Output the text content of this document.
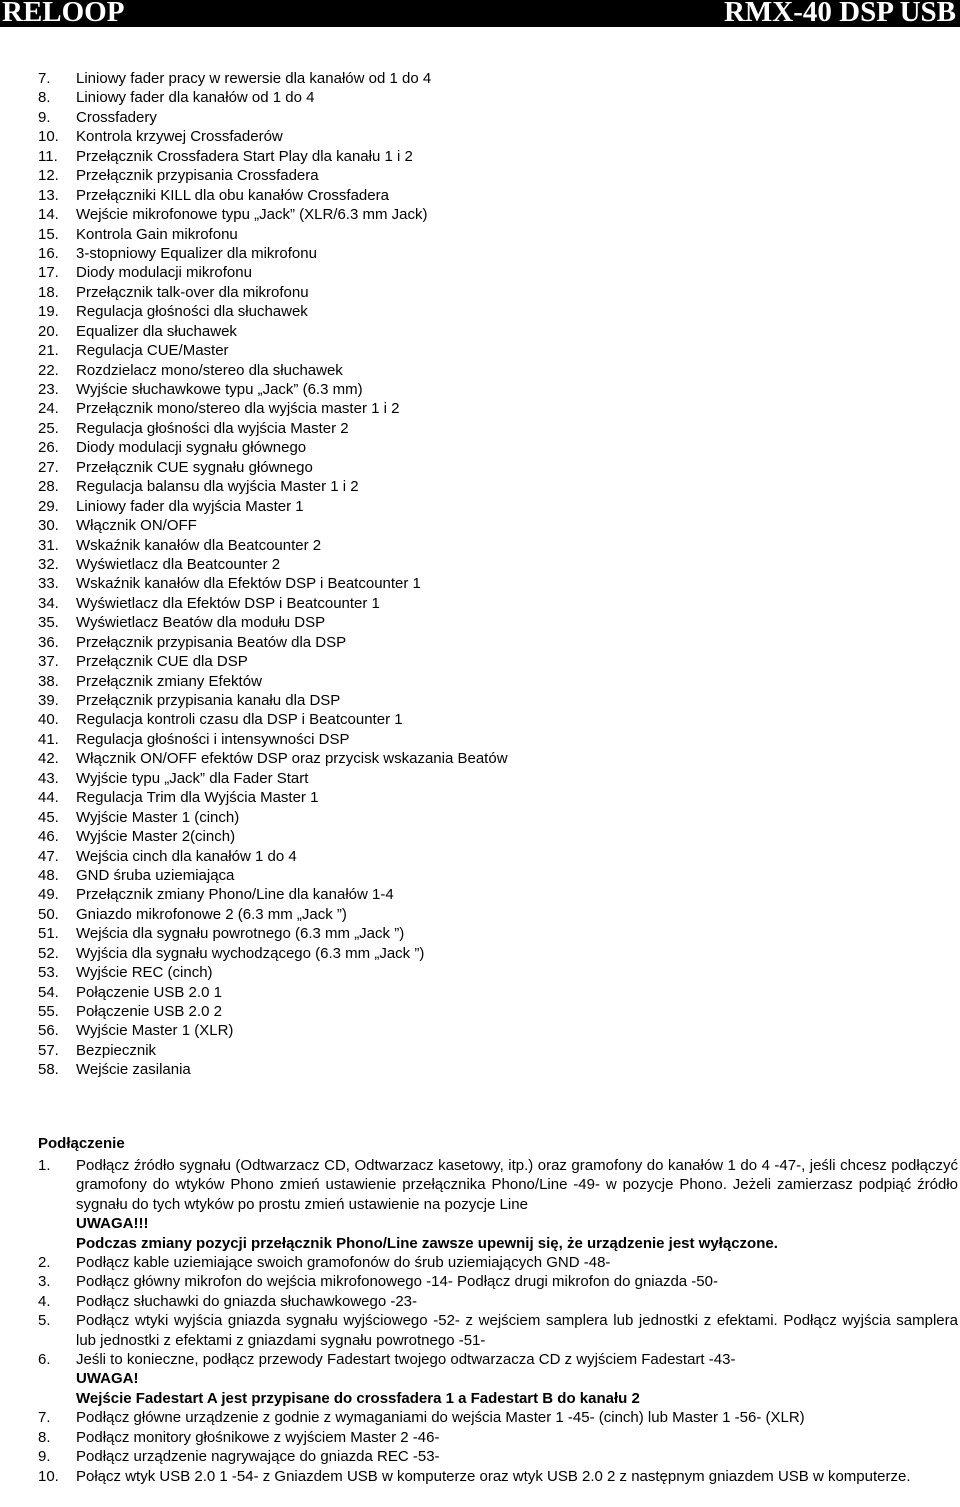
RELOOP	RMX-40 DSP USB
7. Liniowy fader pracy w rewersie dla kanałów od 1 do 4
8. Liniowy fader dla kanałów od 1 do 4
9. Crossfadery
10. Kontrola krzywej Crossfaderów
11. Przełącznik Crossfadera Start Play dla kanału 1 i 2
12. Przełącznik przypisania Crossfadera
13. Przełączniki KILL dla obu kanałów Crossfadera
14. Wejście mikrofonowe typu „Jack” (XLR/6.3 mm Jack)
15. Kontrola Gain mikrofonu
16. 3-stopniowy Equalizer dla mikrofonu
17. Diody modulacji mikrofonu
18. Przełącznik talk-over dla mikrofonu
19. Regulacja głośności dla słuchawek
20. Equalizer dla słuchawek
21. Regulacja CUE/Master
22. Rozdzielacz mono/stereo dla słuchawek
23. Wyjście słuchawkowe typu „Jack” (6.3 mm)
24. Przełącznik mono/stereo dla wyjścia master 1 i 2
25. Regulacja głośności dla wyjścia Master 2
26. Diody modulacji sygnału głównego
27. Przełącznik CUE sygnału głównego
28. Regulacja balansu dla wyjścia Master 1 i 2
29. Liniowy fader dla wyjścia Master 1
30. Włącznik ON/OFF
31. Wskaźnik kanałów dla Beatcounter 2
32. Wyświetlacz dla Beatcounter 2
33. Wskaźnik kanałów dla Efektów DSP i Beatcounter 1
34. Wyświetlacz dla Efektów DSP i Beatcounter 1
35. Wyświetlacz Beatów dla modułu DSP
36. Przełącznik przypisania Beatów dla DSP
37. Przełącznik CUE dla DSP
38. Przełącznik zmiany Efektów
39. Przełącznik przypisania kanału dla DSP
40. Regulacja kontroli czasu dla DSP i Beatcounter 1
41. Regulacja głośności i intensywności DSP
42. Włącznik ON/OFF efektów DSP oraz przycisk wskazania Beatów
43. Wyjście typu „Jack” dla Fader Start
44. Regulacja Trim dla Wyjścia Master 1
45. Wyjście Master 1 (cinch)
46. Wyjście Master 2(cinch)
47. Wejścia cinch dla kanałów 1 do 4
48. GND śruba uziemiająca
49. Przełącznik zmiany Phono/Line dla kanałów 1-4
50. Gniazdo mikrofonowe 2 (6.3 mm „Jack ”)
51. Wejścia dla sygnału powrotnego (6.3 mm „Jack ”)
52. Wyjścia dla sygnału wychodzącego (6.3 mm „Jack ”)
53. Wyjście REC (cinch)
54. Połączenie USB 2.0 1
55. Połączenie USB 2.0 2
56. Wyjście Master 1 (XLR)
57. Bezpiecznik
58. Wejście zasilania
Podłączenie
1. Podłącz źródło sygnału (Odtwarzacz CD, Odtwarzacz kasetowy, itp.) oraz gramofony do kanałów 1 do 4 -47-, jeśli chcesz podłączyć gramofony do wtyków Phono zmień ustawienie przełącznika Phono/Line -49- w pozycje Phono. Jeżeli zamierzasz podpiąć źródło sygnału do tych wtyków po prostu zmień ustawienie na pozycje Line
UWAGA!!!
Podczas zmiany pozycji przełącznik Phono/Line zawsze upewnij się, że urządzenie jest wyłączone.
2. Podłącz kable uziemiające swoich gramofonów do śrub uziemiających GND -48-
3. Podłącz główny mikrofon do wejścia mikrofonowego -14- Podłącz drugi mikrofon do gniazda -50-
4. Podłącz słuchawki do gniazda słuchawkowego -23-
5. Podłącz wtyki wyjścia gniazda sygnału wyjściowego -52- z wejściem samplera lub jednostki z efektami. Podłącz wyjścia samplera lub jednostki z efektami z gniazdami sygnału powrotnego -51-
6. Jeśli to konieczne, podłącz przewody Fadestart twojego odtwarzacza CD z wyjściem Fadestart -43-
UWAGA!
Wejście Fadestart A jest przypisane do crossfadera 1 a Fadestart B do kanału 2
7. Podłącz główne urządzenie z godnie z wymaganiami do wejścia Master 1 -45- (cinch) lub Master 1 -56- (XLR)
8. Podłącz monitory głośnikowe z wyjściem Master 2 -46-
9. Podłącz urządzenie nagrywające do gniazda REC -53-
10. Połącz wtyk USB 2.0 1 -54- z Gniazdem USB w komputerze oraz wtyk USB 2.0 2 z następnym gniazdem USB w komputerze.
